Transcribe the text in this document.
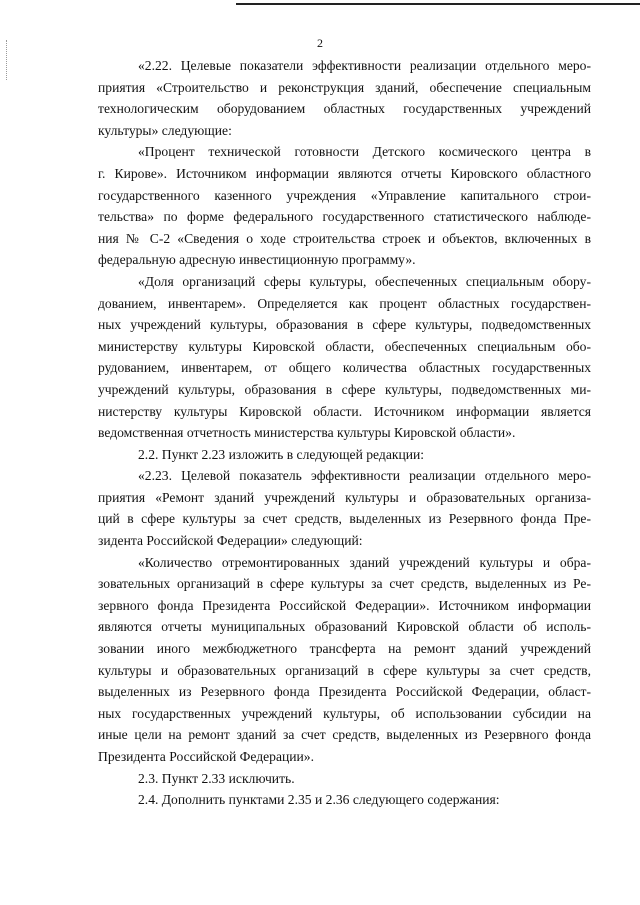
2
«2.22. Целевые показатели эффективности реализации отдельного меро-
приятия «Строительство и реконструкция зданий, обеспечение специальным
технологическим оборудованием областных государственных учреждений
культуры» следующие:
«Процент технической готовности Детского космического центра в
г. Кирове». Источником информации являются отчеты Кировского областного
государственного казенного учреждения «Управление капитального строи-
тельства» по форме федерального государственного статистического наблюде-
ния № С-2 «Сведения о ходе строительства строек и объектов, включенных в
федеральную адресную инвестиционную программу».
«Доля организаций сферы культуры, обеспеченных специальным обору-
дованием, инвентарем». Определяется как процент областных государствен-
ных учреждений культуры, образования в сфере культуры, подведомственных
министерству культуры Кировской области, обеспеченных специальным обо-
рудованием, инвентарем, от общего количества областных государственных
учреждений культуры, образования в сфере культуры, подведомственных ми-
нистерству культуры Кировской области. Источником информации является
ведомственная отчетность министерства культуры Кировской области».
2.2. Пункт 2.23 изложить в следующей редакции:
«2.23. Целевой показатель эффективности реализации отдельного меро-
приятия «Ремонт зданий учреждений культуры и образовательных организа-
ций в сфере культуры за счет средств, выделенных из Резервного фонда Пре-
зидента Российской Федерации» следующий:
«Количество отремонтированных зданий учреждений культуры и обра-
зовательных организаций в сфере культуры за счет средств, выделенных из Ре-
зервного фонда Президента Российской Федерации». Источником информации
являются отчеты муниципальных образований Кировской области об исполь-
зовании иного межбюджетного трансферта на ремонт зданий учреждений
культуры и образовательных организаций в сфере культуры за счет средств,
выделенных из Резервного фонда Президента Российской Федерации, област-
ных государственных учреждений культуры, об использовании субсидии на
иные цели на ремонт зданий за счет средств, выделенных из Резервного фонда
Президента Российской Федерации».
2.3. Пункт 2.33 исключить.
2.4. Дополнить пунктами 2.35 и 2.36 следующего содержания:
